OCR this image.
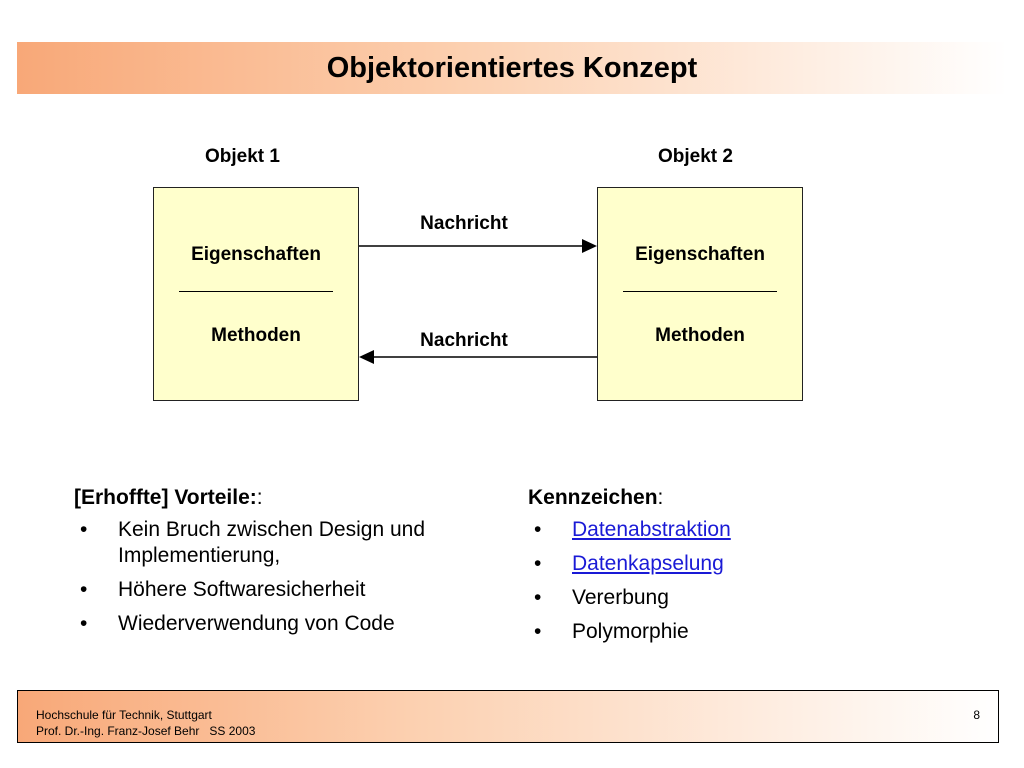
Objektorientiertes Konzept
Objekt 1	Objekt 2
Eigenschaften
Methoden
Eigenschaften
Methoden
Nachricht
Nachricht
[Erhoffte] Vorteile::
• Kein Bruch zwischen Design und Implementierung,
• Höhere Softwaresicherheit
• Wiederverwendung von Code
Kennzeichen:
• Datenabstraktion
• Datenkapselung
• Vererbung
• Polymorphie
Hochschule für Technik, Stuttgart
Prof. Dr.-Ing. Franz-Josef Behr   SS 2003
8
